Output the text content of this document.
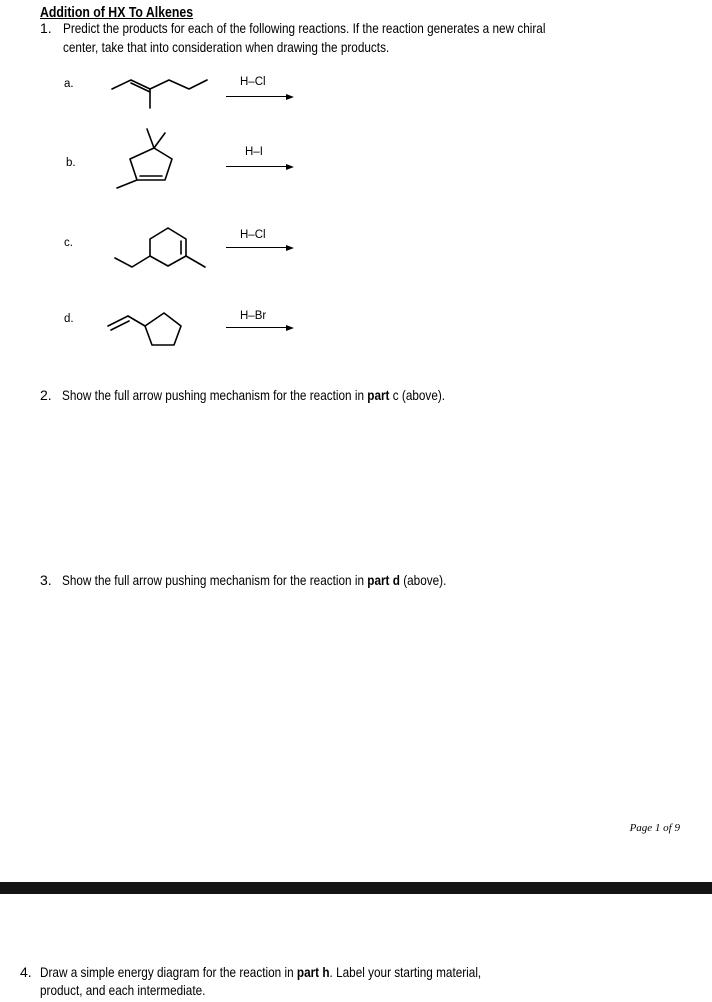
Addition of HX To Alkenes
1. Predict the products for each of the following reactions. If the reaction generates a new chiral
center, take that into consideration when drawing the products.
a.	H–Cl
b.
H–I
c.
H–Cl
d.	H–Br
2. Show the full arrow pushing mechanism for the reaction in part c (above).
3. Show the full arrow pushing mechanism for the reaction in part d (above).
Page 1 of 9
4. Draw a simple energy diagram for the reaction in part h. Label your starting material,
product, and each intermediate.
